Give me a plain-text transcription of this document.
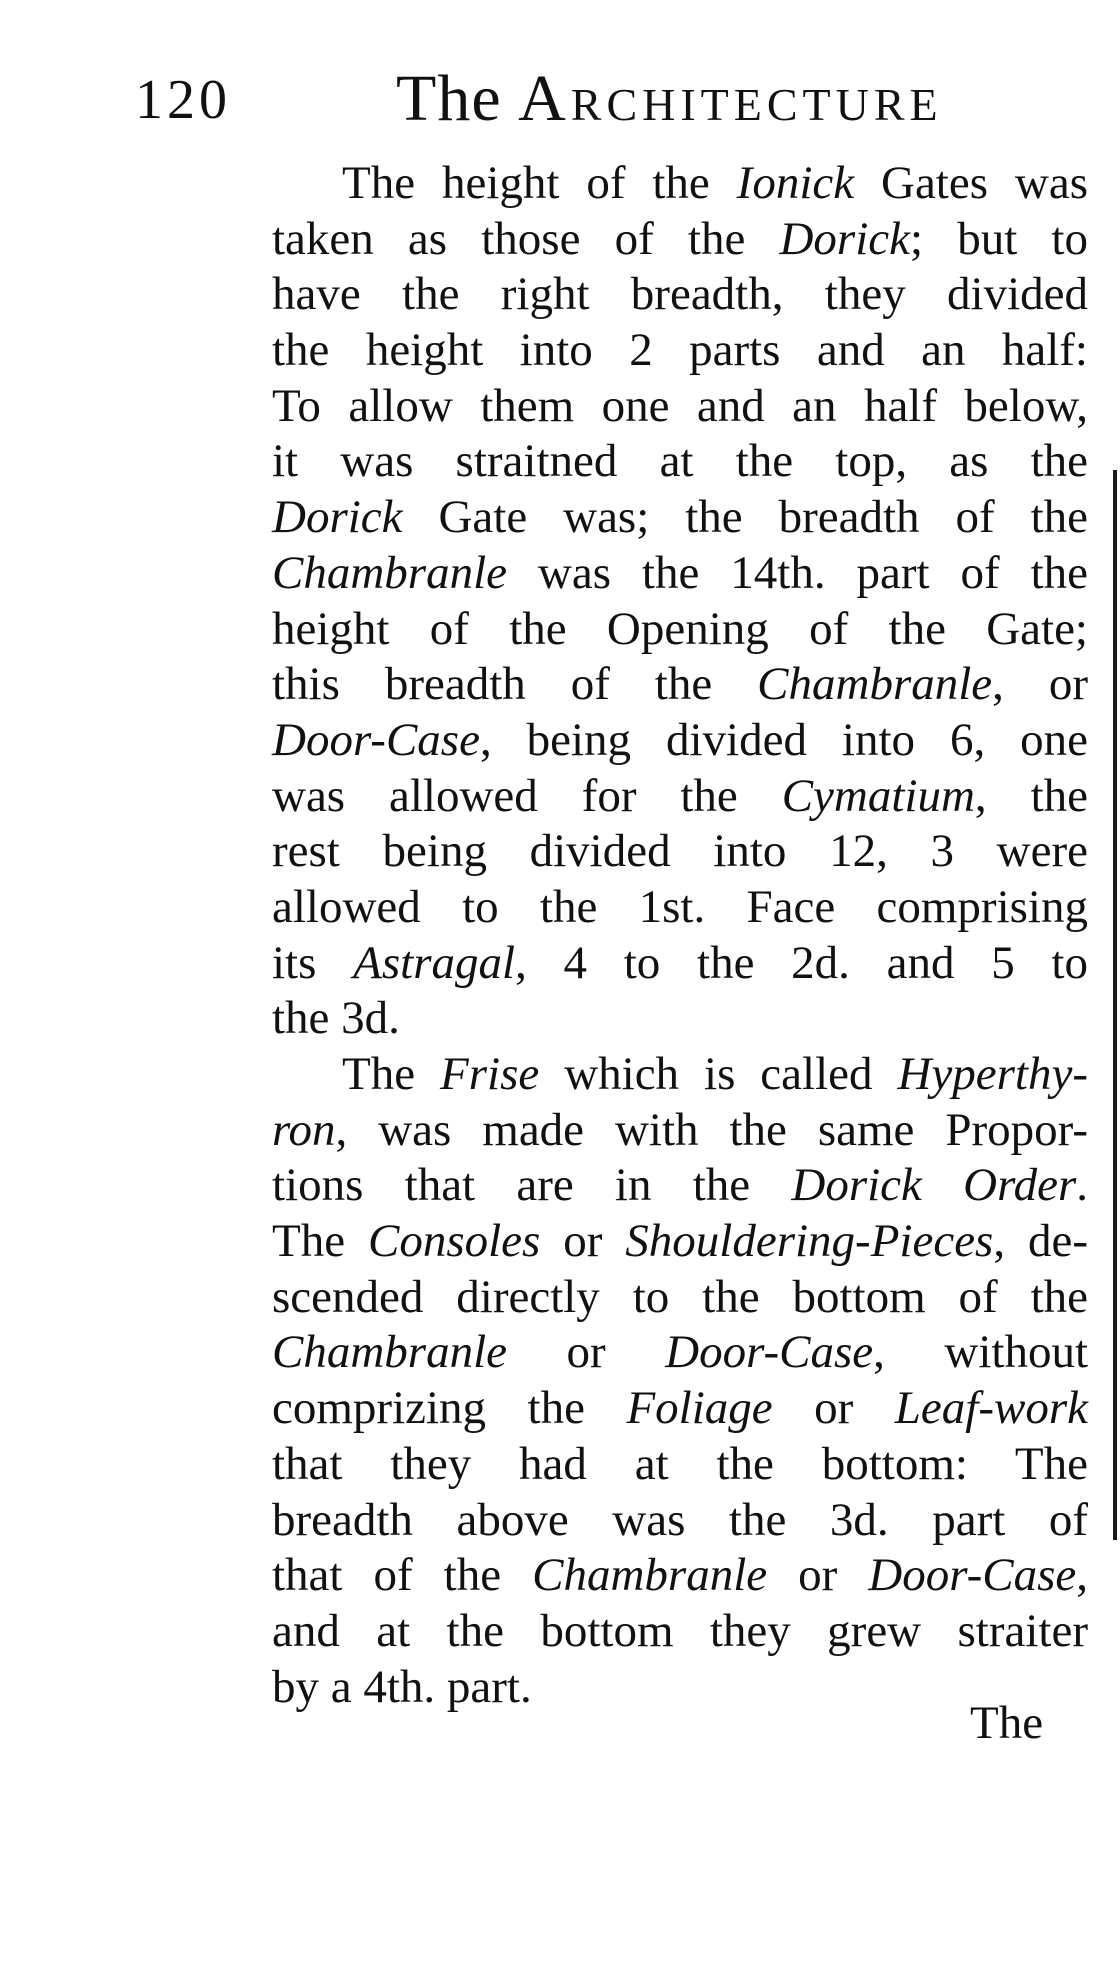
120	The Architecture
The height of the Ionick Gates was
taken as those of the Dorick; but to
have the right breadth, they divided
the height into 2 parts and an half:
To allow them one and an half below,
it was straitned at the top, as the
Dorick Gate was; the breadth of the
Chambranle was the 14th. part of the
height of the Opening of the Gate;
this breadth of the Chambranle, or
Door-Case, being divided into 6, one
was allowed for the Cymatium, the
rest being divided into 12, 3 were
allowed to the 1st. Face comprising
its Astragal, 4 to the 2d. and 5 to
the 3d.
The Frise which is called Hyperthy-
ron, was made with the same Propor-
tions that are in the Dorick Order.
The Consoles or Shouldering-Pieces, de-
scended directly to the bottom of the
Chambranle or Door-Case, without
comprizing the Foliage or Leaf-work
that they had at the bottom: The
breadth above was the 3d. part of
that of the Chambranle or Door-Case,
and at the bottom they grew straiter
by a 4th. part.
The
